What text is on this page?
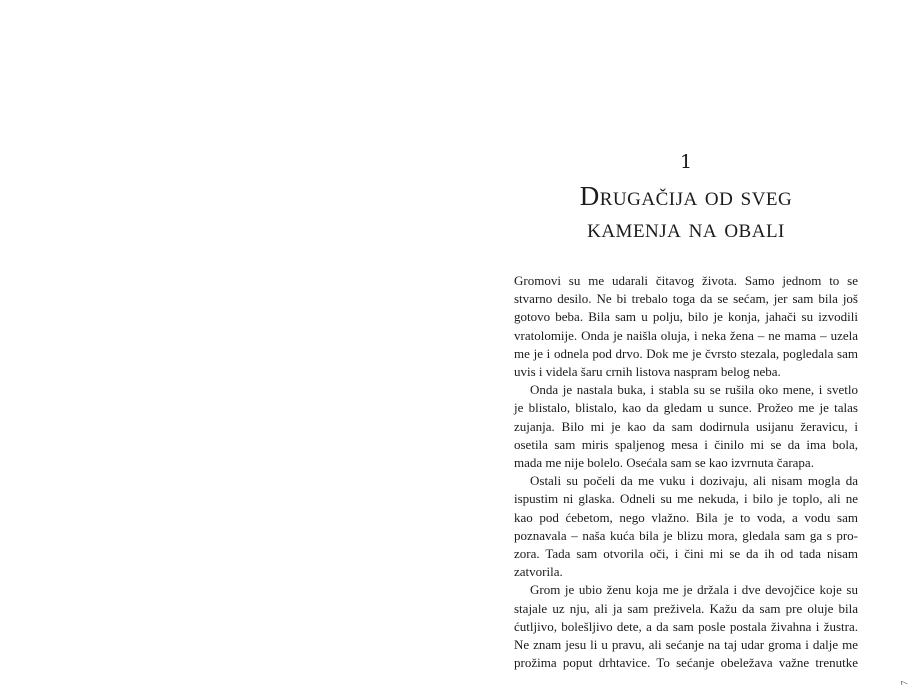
1
Drugačija od sveg
kamenja na obali
Gromovi su me udarali čitavog života. Samo jednom to se
stvarno desilo. Ne bi trebalo toga da se sećam, jer sam bila još
gotovo beba. Bila sam u polju, bilo je konja, jahači su izvodili
vratolomije. Onda je naišla oluja, i neka žena – ne mama – uzela
me je i odnela pod drvo. Dok me je čvrsto stezala, pogledala sam
uvis i videla šaru crnih listova naspram belog neba.
Onda je nastala buka, i stabla su se rušila oko mene, i svetlo
je blistalo, blistalo, kao da gledam u sunce. Prožeo me je talas
zujanja. Bilo mi je kao da sam dodirnula usijanu žeravicu, i
osetila sam miris spaljenog mesa i činilo mi se da ima bola,
mada me nije bolelo. Osećala sam se kao izvrnuta čarapa.
Ostali su počeli da me vuku i dozivaju, ali nisam mogla da
ispustim ni glaska. Odneli su me nekuda, i bilo je toplo, ali ne
kao pod ćebetom, nego vlažno. Bila je to voda, a vodu sam
poznavala – naša kuća bila je blizu mora, gledala sam ga s pro-
zora. Tada sam otvorila oči, i čini mi se da ih od tada nisam
zatvorila.
Grom je ubio ženu koja me je držala i dve devojčice koje su
stajale uz nju, ali ja sam preživela. Kažu da sam pre oluje bila
ćutljivo, bolešljivo dete, a da sam posle postala živahna i žustra.
Ne znam jesu li u pravu, ali sećanje na taj udar groma i dalje me
prožima poput drhtavice. To sećanje obeležava važne trenutke
7
